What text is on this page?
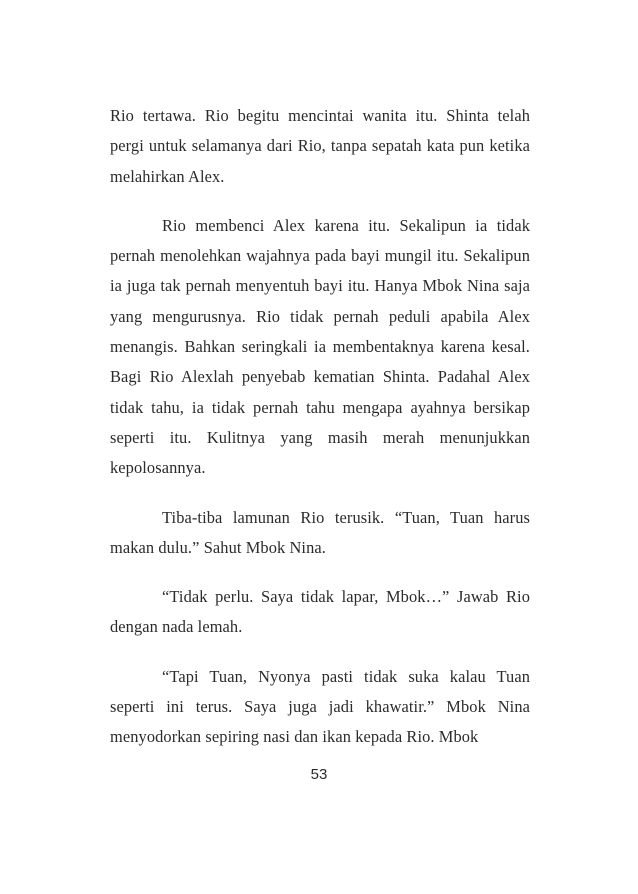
Rio tertawa. Rio begitu mencintai wanita itu. Shinta telah pergi untuk selamanya dari Rio, tanpa sepatah kata pun ketika melahirkan Alex.

Rio membenci Alex karena itu. Sekalipun ia tidak pernah menolehkan wajahnya pada bayi mungil itu. Sekalipun ia juga tak pernah menyentuh bayi itu. Hanya Mbok Nina saja yang mengurusnya. Rio tidak pernah peduli apabila Alex menangis. Bahkan seringkali ia membentaknya karena kesal. Bagi Rio Alexlah penyebab kematian Shinta. Padahal Alex tidak tahu, ia tidak pernah tahu mengapa ayahnya bersikap seperti itu. Kulitnya yang masih merah menunjukkan kepolosannya.

Tiba-tiba lamunan Rio terusik. “Tuan, Tuan harus makan dulu.” Sahut Mbok Nina.

“Tidak perlu. Saya tidak lapar, Mbok…” Jawab Rio dengan nada lemah.

“Tapi Tuan, Nyonya pasti tidak suka kalau Tuan seperti ini terus. Saya juga jadi khawatir.” Mbok Nina menyodorkan sepiring nasi dan ikan kepada Rio. Mbok

53
